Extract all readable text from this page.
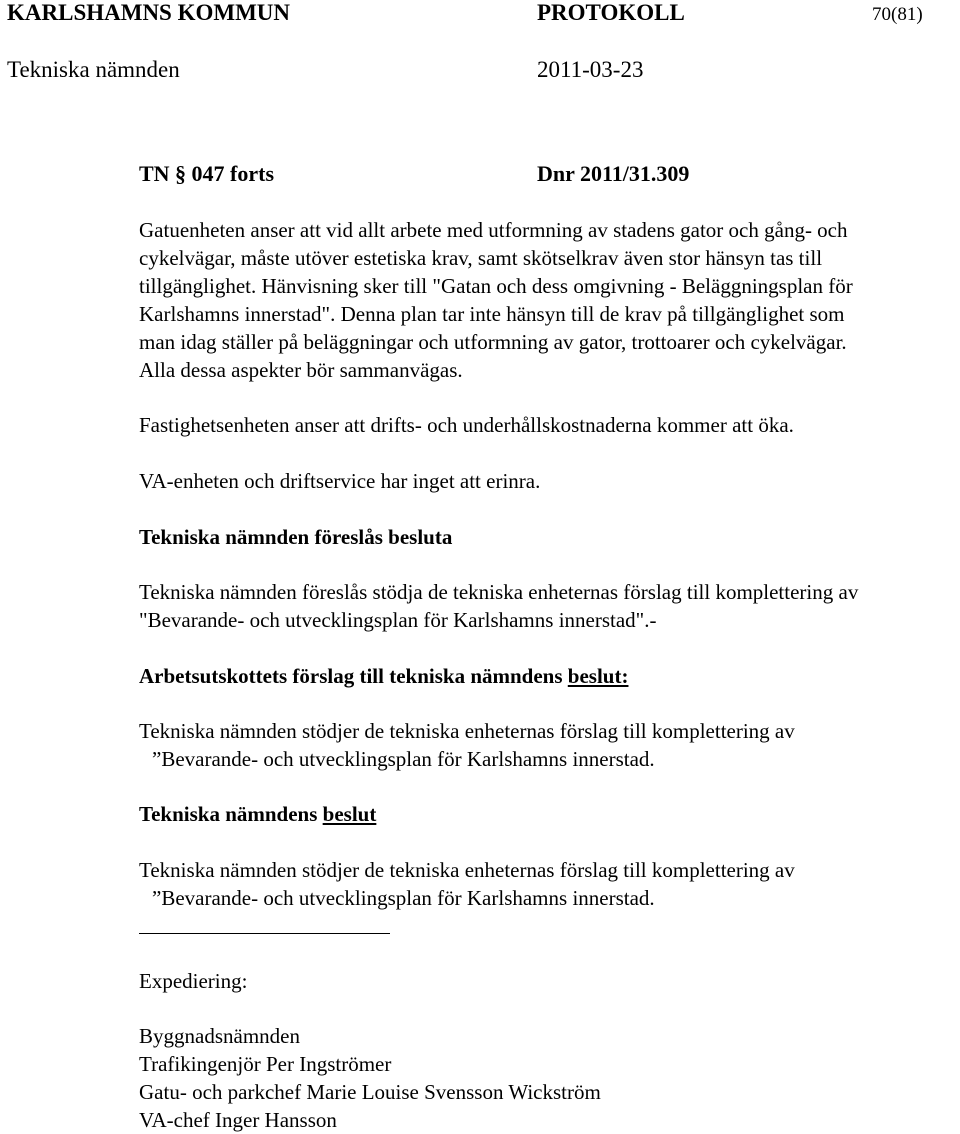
KARLSHAMNS KOMMUN	PROTOKOLL	70(81)
Tekniska nämnden	2011-03-23
TN § 047 forts	Dnr 2011/31.309
Gatuenheten anser att vid allt arbete med utformning av stadens gator och gång- och
cykelvägar, måste utöver estetiska krav, samt skötselkrav även stor hänsyn tas till
tillgänglighet. Hänvisning sker till "Gatan och dess omgivning - Beläggningsplan för
Karlshamns innerstad". Denna plan tar inte hänsyn till de krav på tillgänglighet som
man idag ställer på beläggningar och utformning av gator, trottoarer och cykelvägar.
Alla dessa aspekter bör sammanvägas.
Fastighetsenheten anser att drifts- och underhållskostnaderna kommer att öka.
VA-enheten och driftservice har inget att erinra.
Tekniska nämnden föreslås besluta
Tekniska nämnden föreslås stödja de tekniska enheternas förslag till komplettering av
"Bevarande- och utvecklingsplan för Karlshamns innerstad".-
Arbetsutskottets förslag till tekniska nämndens beslut:
Tekniska nämnden stödjer de tekniska enheternas förslag till komplettering av
”Bevarande- och utvecklingsplan för Karlshamns innerstad.
Tekniska nämndens beslut
Tekniska nämnden stödjer de tekniska enheternas förslag till komplettering av
”Bevarande- och utvecklingsplan för Karlshamns innerstad.
Expediering:
Byggnadsnämnden
Trafikingenjör Per Ingströmer
Gatu- och parkchef Marie Louise Svensson Wickström
VA-chef Inger Hansson
